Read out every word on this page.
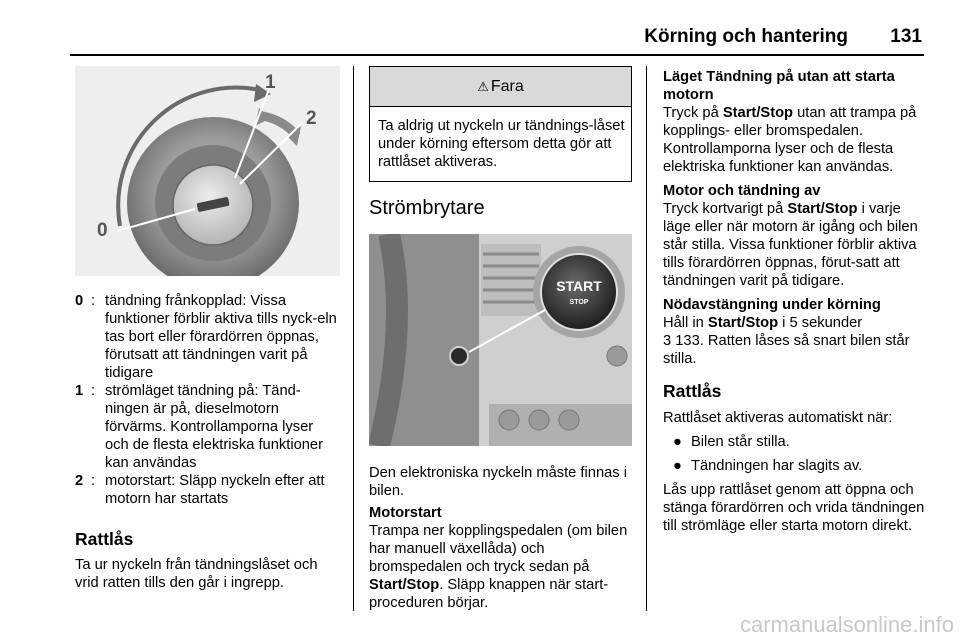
Körning och hantering 131
1
2
0
0 : tändning frånkopplad: Vissa funktioner förblir aktiva tills nyck-eln tas bort eller förardörren öppnas, förutsatt att tändningen varit på tidigare
1 : strömläget tändning på: Tänd-ningen är på, dieselmotorn förvärms. Kontrollamporna lyser och de flesta elektriska funktioner kan användas
2 : motorstart: Släpp nyckeln efter att motorn har startats
Rattlås

Ta ur nyckeln från tändningslåset och vrid ratten tills den går i ingrepp.

⚠ Fara
Ta aldrig ut nyckeln ur tändnings-låset under körning eftersom detta gör att rattlåset aktiveras.
Strömbrytare
START
STOP

Den elektroniska nyckeln måste finnas i bilen.

Motorstart

Trampa ner kopplingspedalen (om bilen har manuell växellåda) och bromspedalen och tryck sedan på Start/Stop. Släpp knappen när start-proceduren börjar.

Läget Tändning på utan att starta motorn

Tryck på Start/Stop utan att trampa på kopplings- eller bromspedalen. Kontrollamporna lyser och de flesta elektriska funktioner kan användas.

Motor och tändning av

Tryck kortvarigt på Start/Stop i varje läge eller när motorn är igång och bilen står stilla. Vissa funktioner förblir aktiva tills förardörren öppnas, förut-satt att tändningen varit på tidigare.

Nödavstängning under körning

Håll in Start/Stop i 5 sekunder
3 133. Ratten låses så snart bilen står stilla.

Rattlås

Rattlåset aktiveras automatiskt när:

● Bilen står stilla.
● Tändningen har slagits av.

Lås upp rattlåset genom att öppna och stänga förardörren och vrida tändningen till strömläge eller starta motorn direkt.

carmanualsonline.info
